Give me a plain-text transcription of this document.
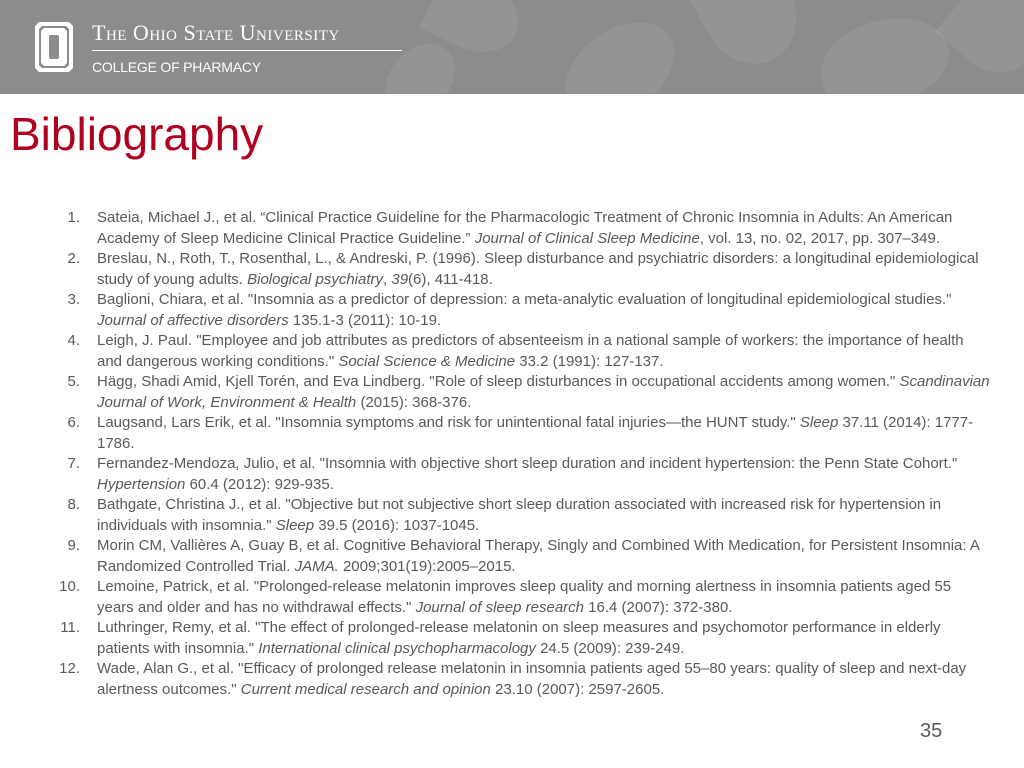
The Ohio State University
COLLEGE OF PHARMACY
Bibliography
1. Sateia, Michael J., et al. “Clinical Practice Guideline for the Pharmacologic Treatment of Chronic Insomnia in Adults: An American Academy of Sleep Medicine Clinical Practice Guideline.” Journal of Clinical Sleep Medicine, vol. 13, no. 02, 2017, pp. 307–349.
2. Breslau, N., Roth, T., Rosenthal, L., & Andreski, P. (1996). Sleep disturbance and psychiatric disorders: a longitudinal epidemiological study of young adults. Biological psychiatry, 39(6), 411-418.
3. Baglioni, Chiara, et al. "Insomnia as a predictor of depression: a meta-analytic evaluation of longitudinal epidemiological studies." Journal of affective disorders 135.1-3 (2011): 10-19.
4. Leigh, J. Paul. "Employee and job attributes as predictors of absenteeism in a national sample of workers: the importance of health and dangerous working conditions." Social Science & Medicine 33.2 (1991): 127-137.
5. Hägg, Shadi Amid, Kjell Torén, and Eva Lindberg. "Role of sleep disturbances in occupational accidents among women." Scandinavian Journal of Work, Environment & Health (2015): 368-376.
6. Laugsand, Lars Erik, et al. "Insomnia symptoms and risk for unintentional fatal injuries—the HUNT study." Sleep 37.11 (2014): 1777-1786.
7. Fernandez-Mendoza, Julio, et al. "Insomnia with objective short sleep duration and incident hypertension: the Penn State Cohort." Hypertension 60.4 (2012): 929-935.
8. Bathgate, Christina J., et al. "Objective but not subjective short sleep duration associated with increased risk for hypertension in individuals with insomnia." Sleep 39.5 (2016): 1037-1045.
9. Morin CM, Vallières A, Guay B, et al. Cognitive Behavioral Therapy, Singly and Combined With Medication, for Persistent Insomnia: A Randomized Controlled Trial. JAMA. 2009;301(19):2005–2015.
10. Lemoine, Patrick, et al. "Prolonged-release melatonin improves sleep quality and morning alertness in insomnia patients aged 55 years and older and has no withdrawal effects." Journal of sleep research 16.4 (2007): 372-380.
11. Luthringer, Remy, et al. "The effect of prolonged-release melatonin on sleep measures and psychomotor performance in elderly patients with insomnia." International clinical psychopharmacology 24.5 (2009): 239-249.
12. Wade, Alan G., et al. "Efficacy of prolonged release melatonin in insomnia patients aged 55–80 years: quality of sleep and next-day alertness outcomes." Current medical research and opinion 23.10 (2007): 2597-2605.
35
